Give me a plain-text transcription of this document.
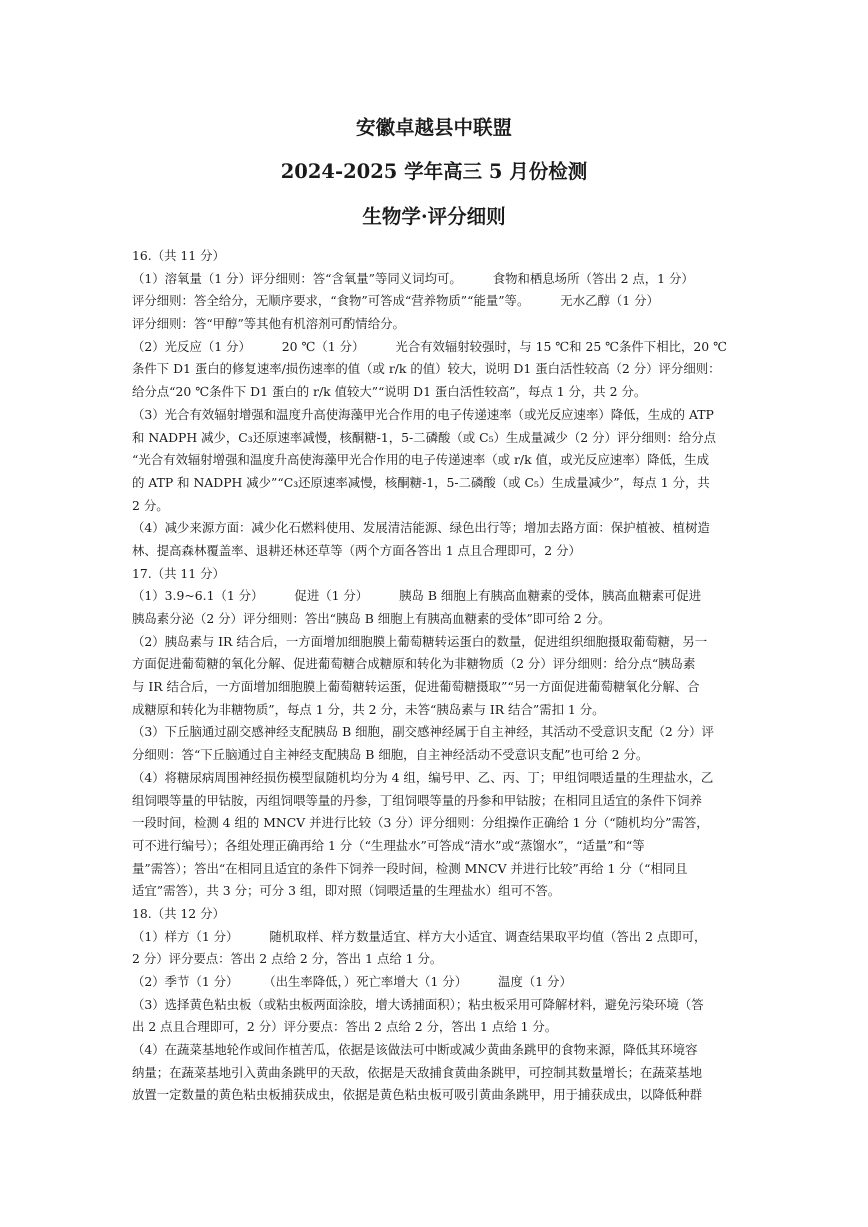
安徽卓越县中联盟
2024-2025 学年高三 5 月份检测
生物学·评分细则
16.（共 11 分）
（1）溶氧量（1 分）评分细则：答“含氧量”等同义词均可。　　　食物和栖息场所（答出 2 点，1 分）
评分细则：答全给分，无顺序要求，“食物”可答成“营养物质”“能量”等。　　　无水乙醇（1 分）
评分细则：答“甲醇”等其他有机溶剂可酌情给分。
（2）光反应（1 分）　　　20 ℃（1 分）　　　光合有效辐射较强时，与 15 ℃和 25 ℃条件下相比，20 ℃
条件下 D1 蛋白的修复速率/损伤速率的值（或 r/k 的值）较大，说明 D1 蛋白活性较高（2 分）评分细则：
给分点“20 ℃条件下 D1 蛋白的 r/k 值较大”“说明 D1 蛋白活性较高”，每点 1 分，共 2 分。
（3）光合有效辐射增强和温度升高使海藻甲光合作用的电子传递速率（或光反应速率）降低，生成的 ATP
和 NADPH 减少，C₃还原速率减慢，核酮糖-1，5-二磷酸（或 C₅）生成量减少（2 分）评分细则：给分点
“光合有效辐射增强和温度升高使海藻甲光合作用的电子传递速率（或 r/k 值，或光反应速率）降低，生成
的 ATP 和 NADPH 减少”“C₃还原速率减慢，核酮糖-1，5-二磷酸（或 C₅）生成量减少”，每点 1 分，共
2 分。
（4）减少来源方面：减少化石燃料使用、发展清洁能源、绿色出行等；增加去路方面：保护植被、植树造
林、提高森林覆盖率、退耕还林还草等（两个方面各答出 1 点且合理即可，2 分）
17.（共 11 分）
（1）3.9~6.1（1 分）　　　促进（1 分）　　　胰岛 B 细胞上有胰高血糖素的受体，胰高血糖素可促进
胰岛素分泌（2 分）评分细则：答出“胰岛 B 细胞上有胰高血糖素的受体”即可给 2 分。
（2）胰岛素与 IR 结合后，一方面增加细胞膜上葡萄糖转运蛋白的数量，促进组织细胞摄取葡萄糖，另一
方面促进葡萄糖的氧化分解、促进葡萄糖合成糖原和转化为非糖物质（2 分）评分细则：给分点“胰岛素
与 IR 结合后，一方面增加细胞膜上葡萄糖转运蛋，促进葡萄糖摄取”“另一方面促进葡萄糖氧化分解、合
成糖原和转化为非糖物质”，每点 1 分，共 2 分，未答“胰岛素与 IR 结合”需扣 1 分。
（3）下丘脑通过副交感神经支配胰岛 B 细胞，副交感神经属于自主神经，其活动不受意识支配（2 分）评
分细则：答“下丘脑通过自主神经支配胰岛 B 细胞，自主神经活动不受意识支配”也可给 2 分。
（4）将糖尿病周围神经损伤模型鼠随机均分为 4 组，编号甲、乙、丙、丁；甲组饲喂适量的生理盐水，乙
组饲喂等量的甲钴胺，丙组饲喂等量的丹参，丁组饲喂等量的丹参和甲钴胺；在相同且适宜的条件下饲养
一段时间，检测 4 组的 MNCV 并进行比较（3 分）评分细则：分组操作正确给 1 分（“随机均分”需答，
可不进行编号）；各组处理正确再给 1 分（“生理盐水”可答成“清水”或“蒸馏水”，“适量”和“等
量”需答）；答出“在相同且适宜的条件下饲养一段时间，检测 MNCV 并进行比较”再给 1 分（“相同且
适宜”需答），共 3 分；可分 3 组，即对照（饲喂适量的生理盐水）组可不答。
18.（共 12 分）
（1）样方（1 分）　　　随机取样、样方数量适宜、样方大小适宜、调查结果取平均值（答出 2 点即可，
2 分）评分要点：答出 2 点给 2 分，答出 1 点给 1 分。
（2）季节（1 分）　　　（出生率降低，）死亡率增大（1 分）　　　温度（1 分）
（3）选择黄色粘虫板（或粘虫板两面涂胶，增大诱捕面积）；粘虫板采用可降解材料，避免污染环境（答
出 2 点且合理即可，2 分）评分要点：答出 2 点给 2 分，答出 1 点给 1 分。
（4）在蔬菜基地轮作或间作植苦瓜，依据是该做法可中断或减少黄曲条跳甲的食物来源，降低其环境容
纳量；在蔬菜基地引入黄曲条跳甲的天敌，依据是天敌捕食黄曲条跳甲，可控制其数量增长；在蔬菜基地
放置一定数量的黄色粘虫板捕获成虫，依据是黄色粘虫板可吸引黄曲条跳甲，用于捕获成虫，以降低种群
